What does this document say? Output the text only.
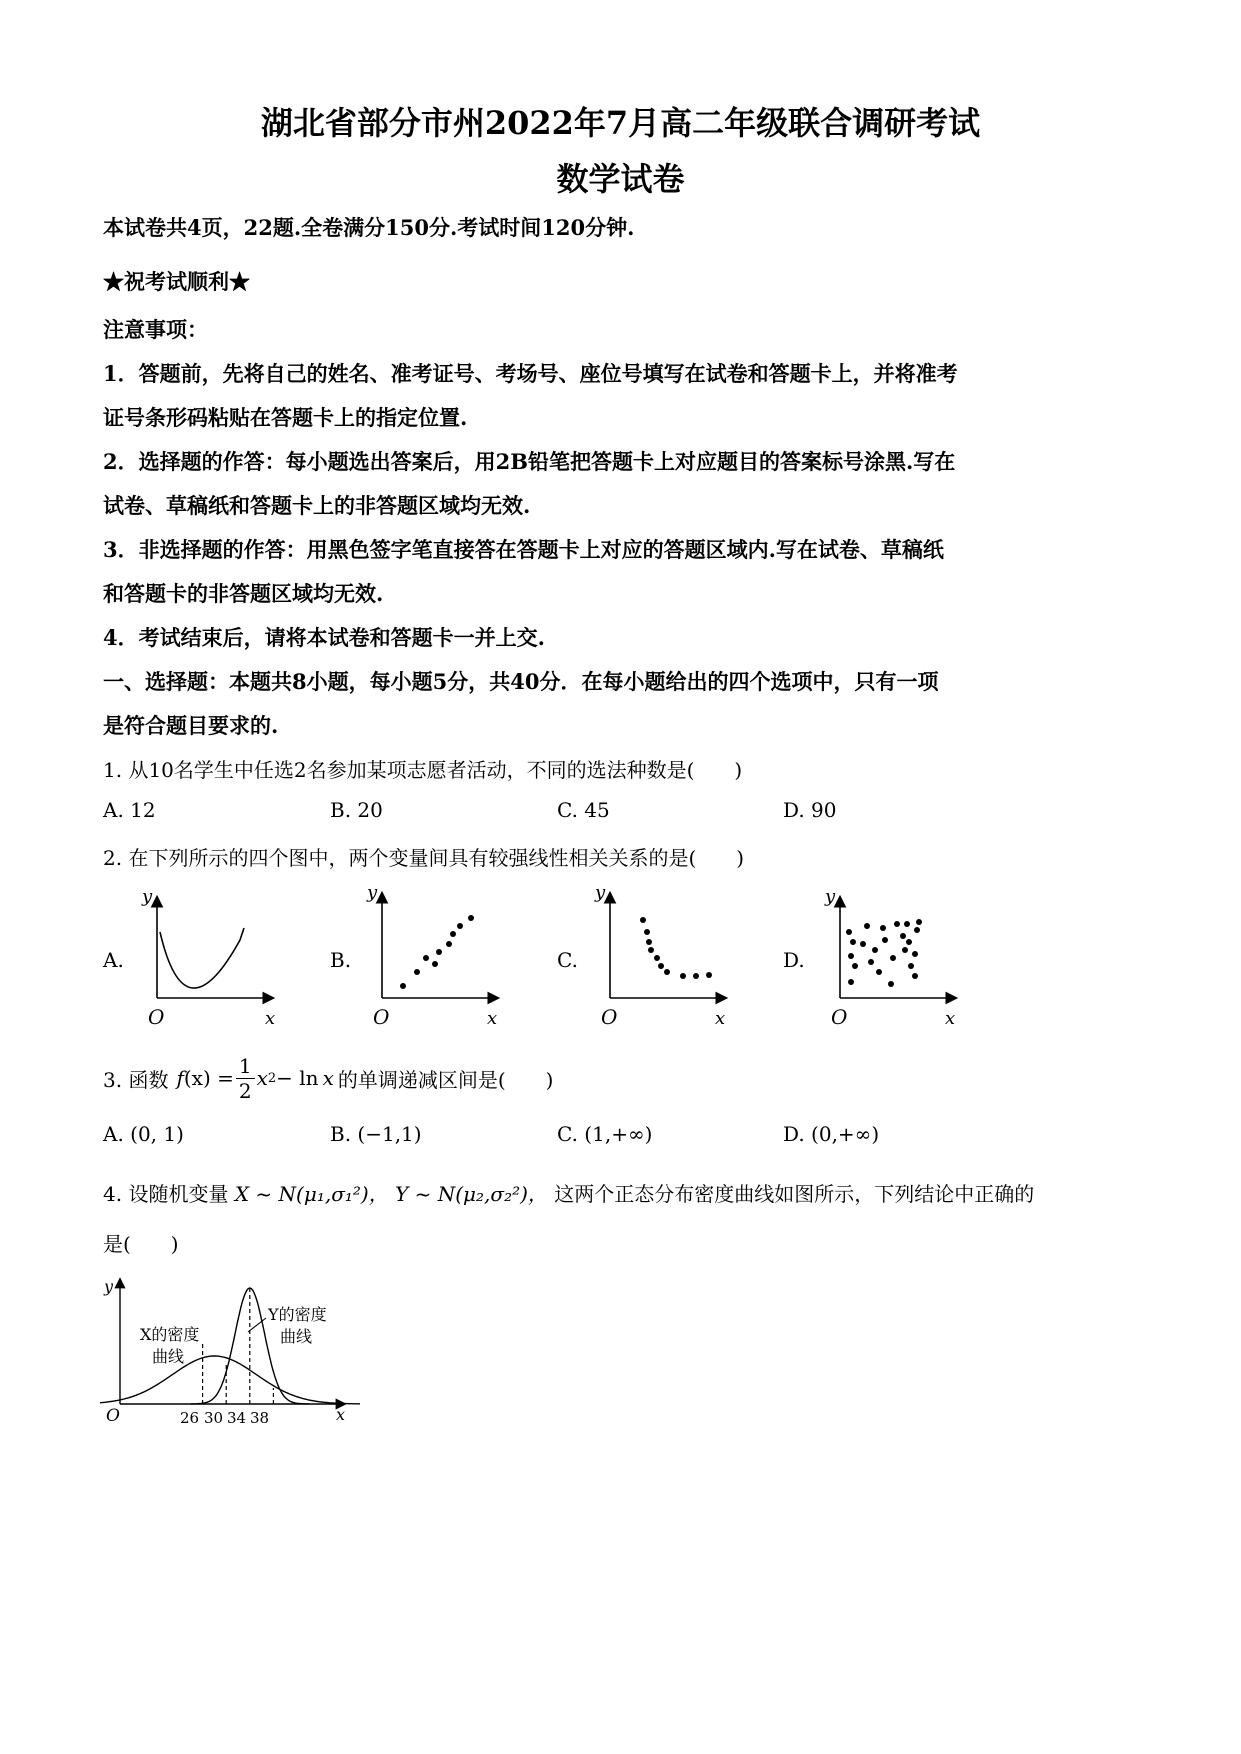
湖北省部分市州2022年7月高二年级联合调研考试
数学试卷
本试卷共4页，22题.全卷满分150分.考试时间120分钟.
★祝考试顺利★
注意事项：
1．答题前，先将自己的姓名、准考证号、考场号、座位号填写在试卷和答题卡上，并将准考
证号条形码粘贴在答题卡上的指定位置.
2．选择题的作答：每小题选出答案后，用2B铅笔把答题卡上对应题目的答案标号涂黑.写在
试卷、草稿纸和答题卡上的非答题区域均无效.
3．非选择题的作答：用黑色签字笔直接答在答题卡上对应的答题区域内.写在试卷、草稿纸
和答题卡的非答题区域均无效.
4．考试结束后，请将本试卷和答题卡一并上交.
一、选择题：本题共8小题，每小题5分，共40分．在每小题给出的四个选项中，只有一项
是符合题目要求的.
1. 从10名学生中任选2名参加某项志愿者活动，不同的选法种数是(　　)
A. 12	B. 20	C. 45	D. 90
2. 在下列所示的四个图中，两个变量间具有较强线性相关关系的是(　　)
A.	B.	C.	D.
y
O	x
y
O	x
y
O	x
y
O	x
3. 函数 f $(x) = \frac{1}{2}$ x 2 − ln x 的单调递减区间是(　　)
A. (0, 1)	B. (−1,1)	C. (1,+∞)	D. (0,+∞)
4. 设随机变量 X ~ N(μ₁,σ₁²)， Y ~ N(μ₂,σ₂²)， 这两个正态分布密度曲线如图所示，下列结论中正确的
是(　　)
y
O	x
X的密度
曲线
Y的密度
曲线
26 30 34 38
